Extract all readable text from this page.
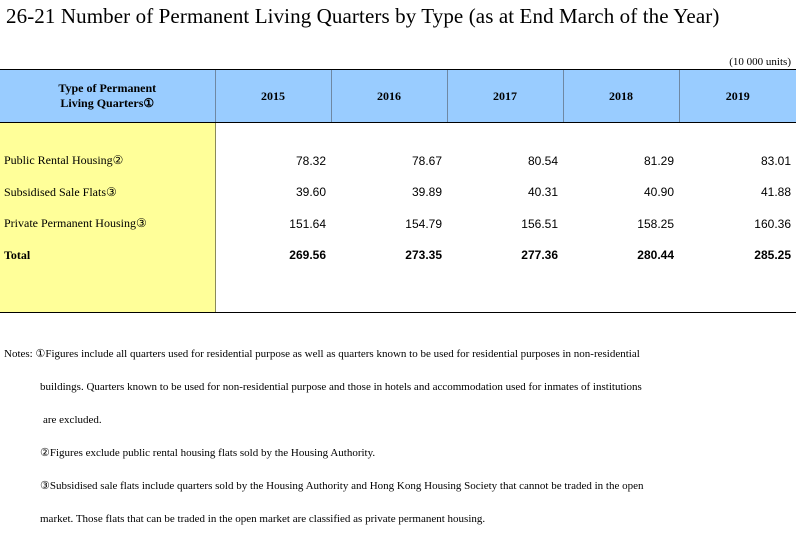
26-21 Number of Permanent Living Quarters by Type (as at End March of the Year)
(10 000 units)
Type of Permanent
Living Quarters①	2015	2016	2017	2018	2019

Public Rental Housing②	78.32	78.67	80.54	81.29	83.01
Subsidised Sale Flats③	39.60	39.89	40.31	40.90	41.88
Private Permanent Housing③	151.64	154.79	156.51	158.25	160.36
Total	269.56	273.35	277.36	280.44	285.25

Notes: ①Figures include all quarters used for residential purpose as well as quarters known to be used for residential purposes in non-residential
buildings. Quarters known to be used for non-residential purpose and those in hotels and accommodation used for inmates of institutions
are excluded.
②Figures exclude public rental housing flats sold by the Housing Authority.
③Subsidised sale flats include quarters sold by the Housing Authority and Hong Kong Housing Society that cannot be traded in the open
market. Those flats that can be traded in the open market are classified as private permanent housing.
